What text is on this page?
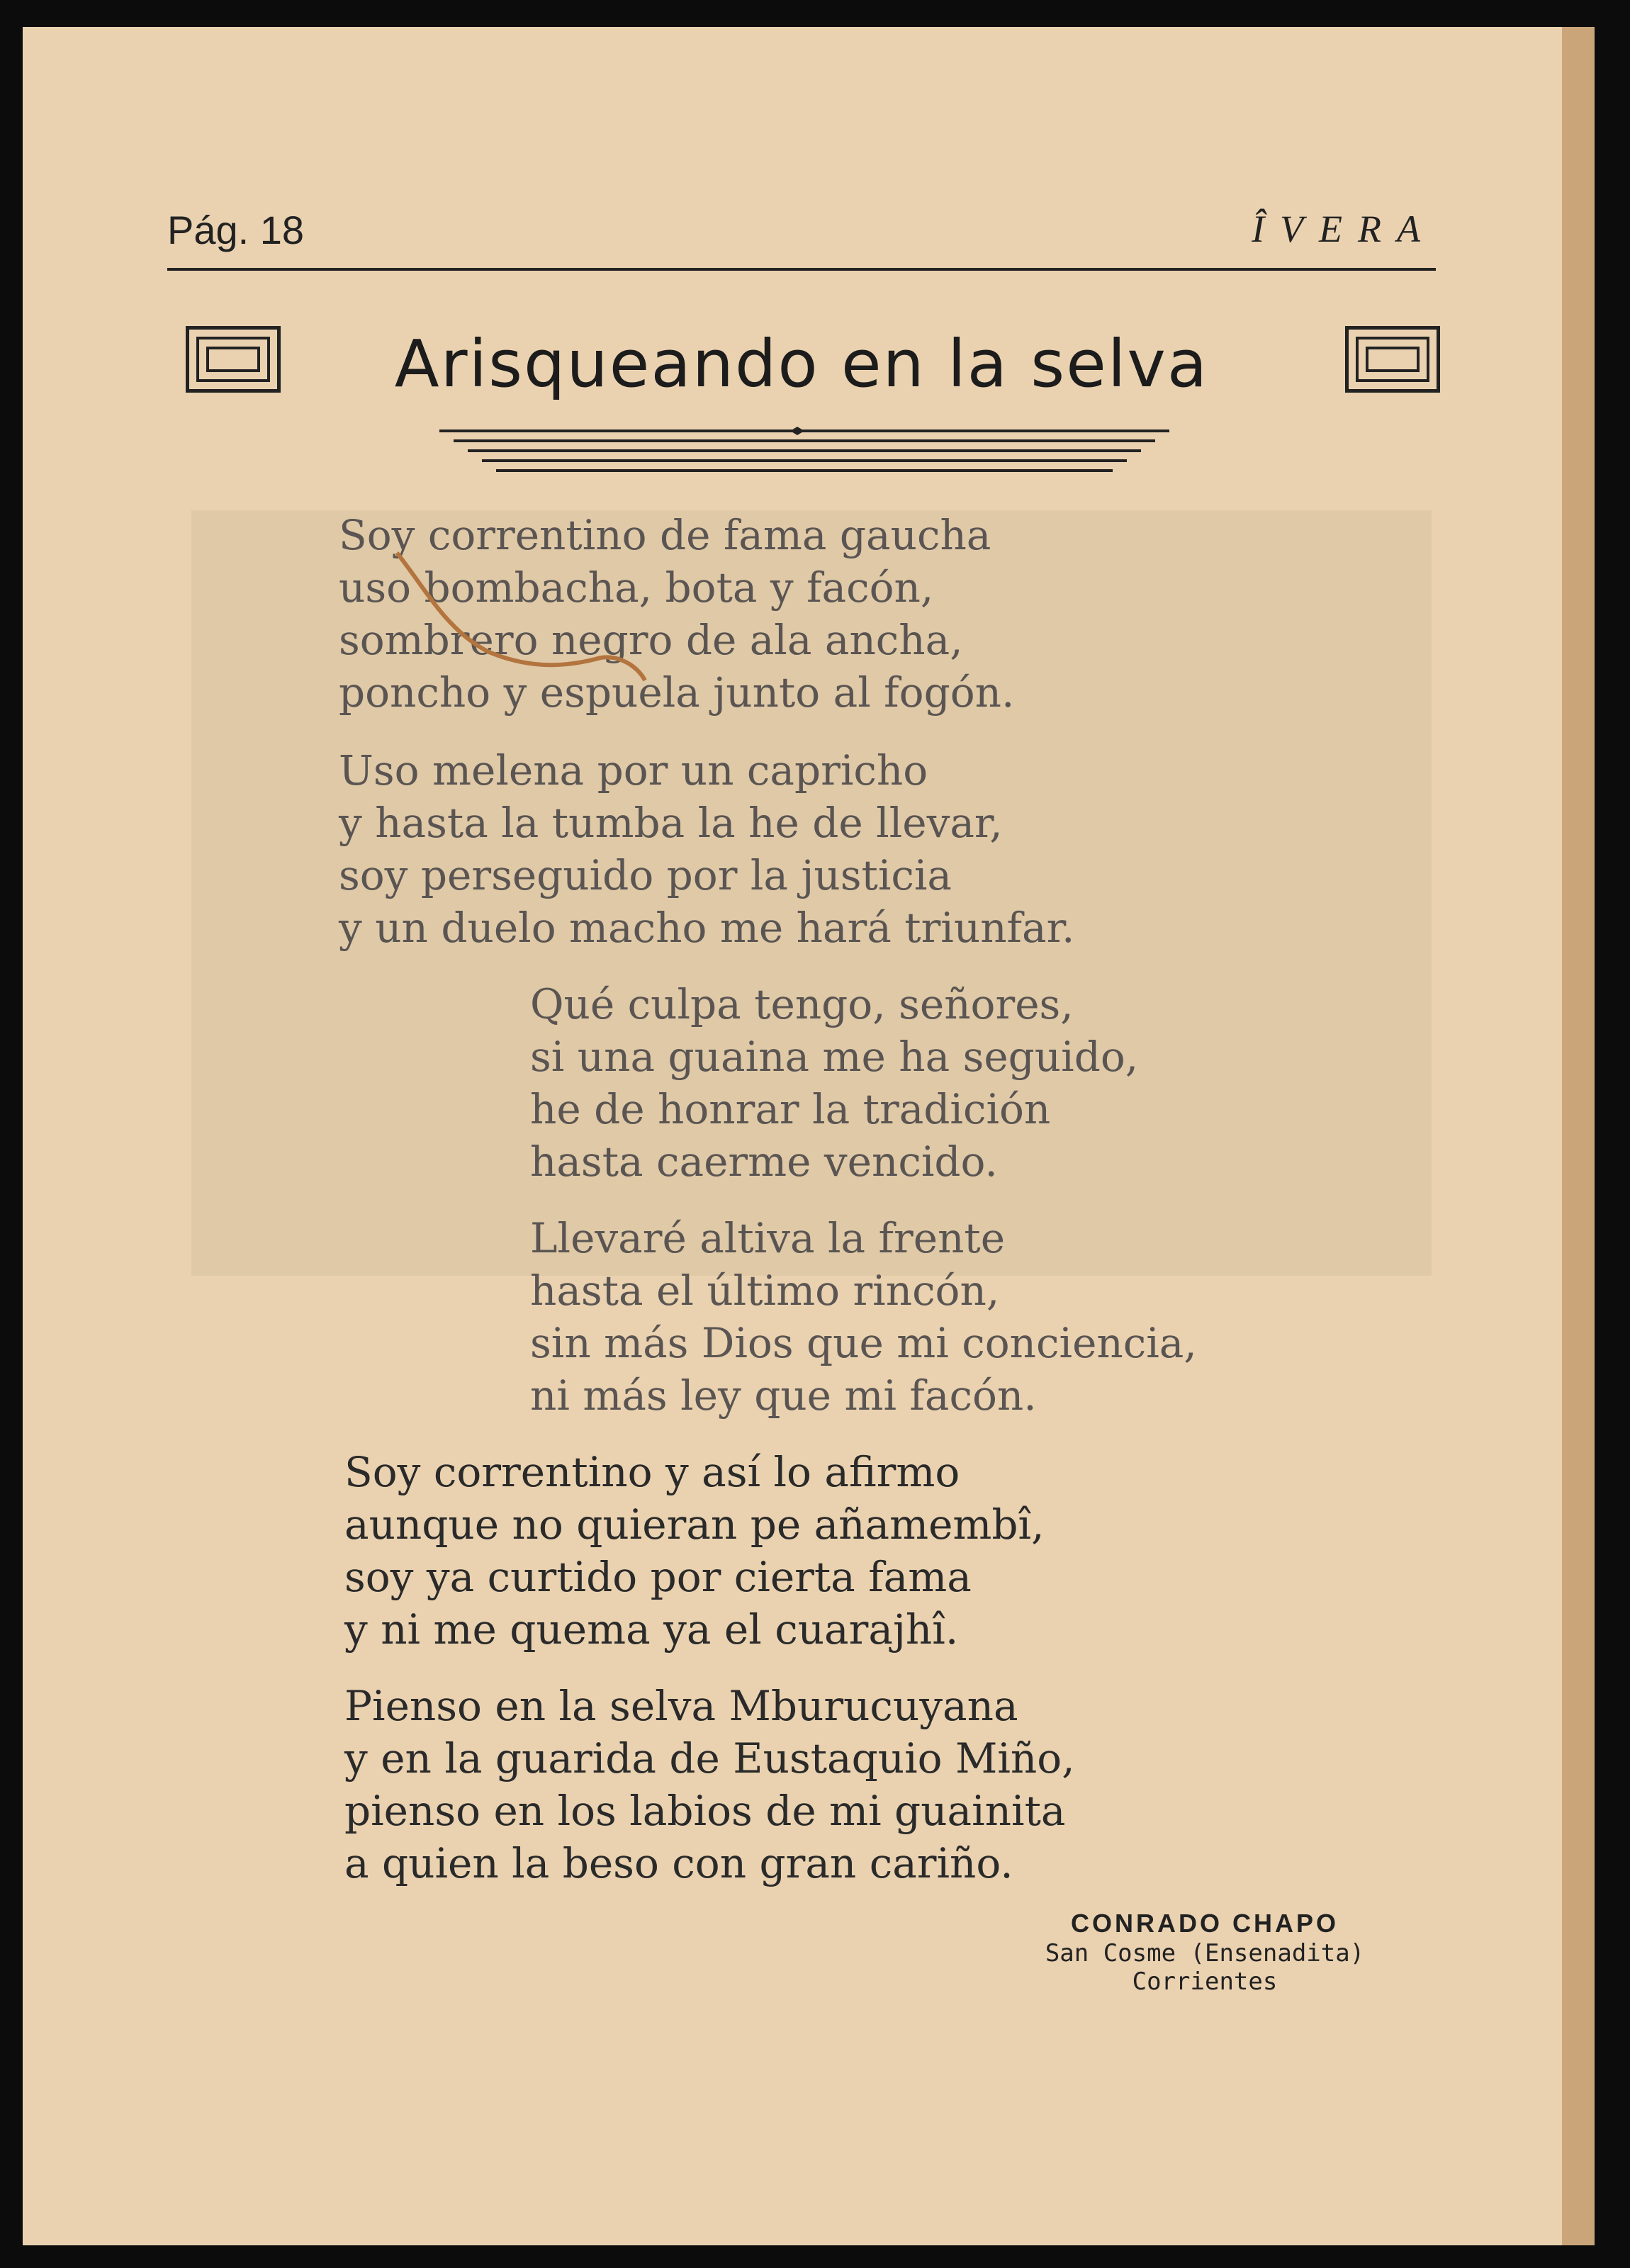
Pág. 18	ÎVERA
Arisqueando en la selva
Soy correntino de fama gaucha
uso bombacha, bota y facón,
sombrero negro de ala ancha,
poncho y espuela junto al fogón.
Uso melena por un capricho
y hasta la tumba la he de llevar,
soy perseguido por la justicia
y un duelo macho me hará triunfar.
Qué culpa tengo, señores,
si una guaina me ha seguido,
he de honrar la tradición
hasta caerme vencido.
Llevaré altiva la frente
hasta el último rincón,
sin más Dios que mi conciencia,
ni más ley que mi facón.
Soy correntino y así lo afirmo
aunque no quieran pe añamembî,
soy ya curtido por cierta fama
y ni me quema ya el cuarajhî.
Pienso en la selva Mburucuyana
y en la guarida de Eustaquio Miño,
pienso en los labios de mi guainita
a quien la beso con gran cariño.
CONRADO CHAPO
San Cosme (Ensenadita)
Corrientes
